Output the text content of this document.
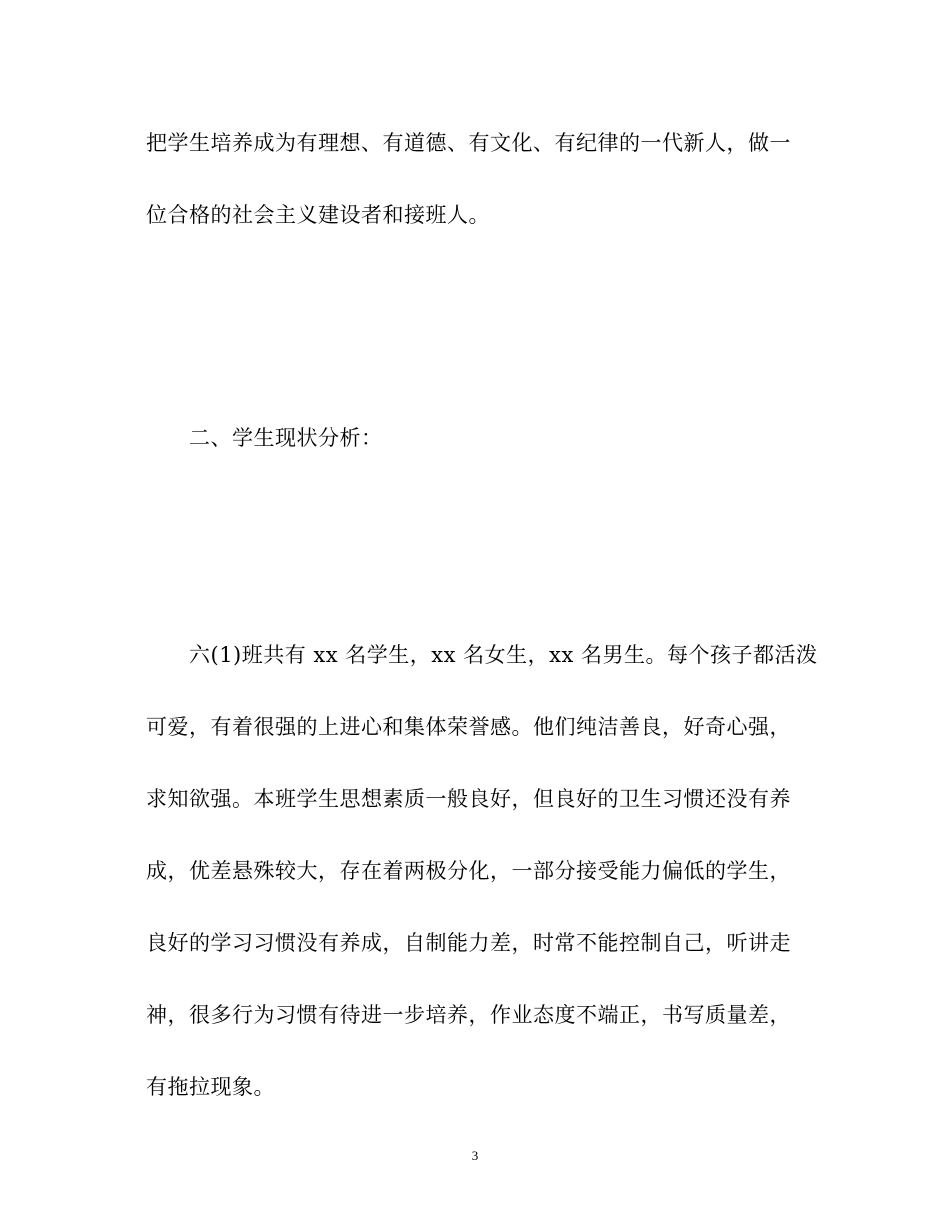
把学生培养成为有理想、有道德、有文化、有纪律的一代新人，做一
位合格的社会主义建设者和接班人。
二、学生现状分析：
六(1)班共有 xx 名学生，xx 名女生，xx 名男生。每个孩子都活泼
可爱，有着很强的上进心和集体荣誉感。他们纯洁善良，好奇心强，
求知欲强。本班学生思想素质一般良好，但良好的卫生习惯还没有养
成，优差悬殊较大，存在着两极分化，一部分接受能力偏低的学生，
良好的学习习惯没有养成，自制能力差，时常不能控制自己，听讲走
神，很多行为习惯有待进一步培养，作业态度不端正，书写质量差，
有拖拉现象。
3
